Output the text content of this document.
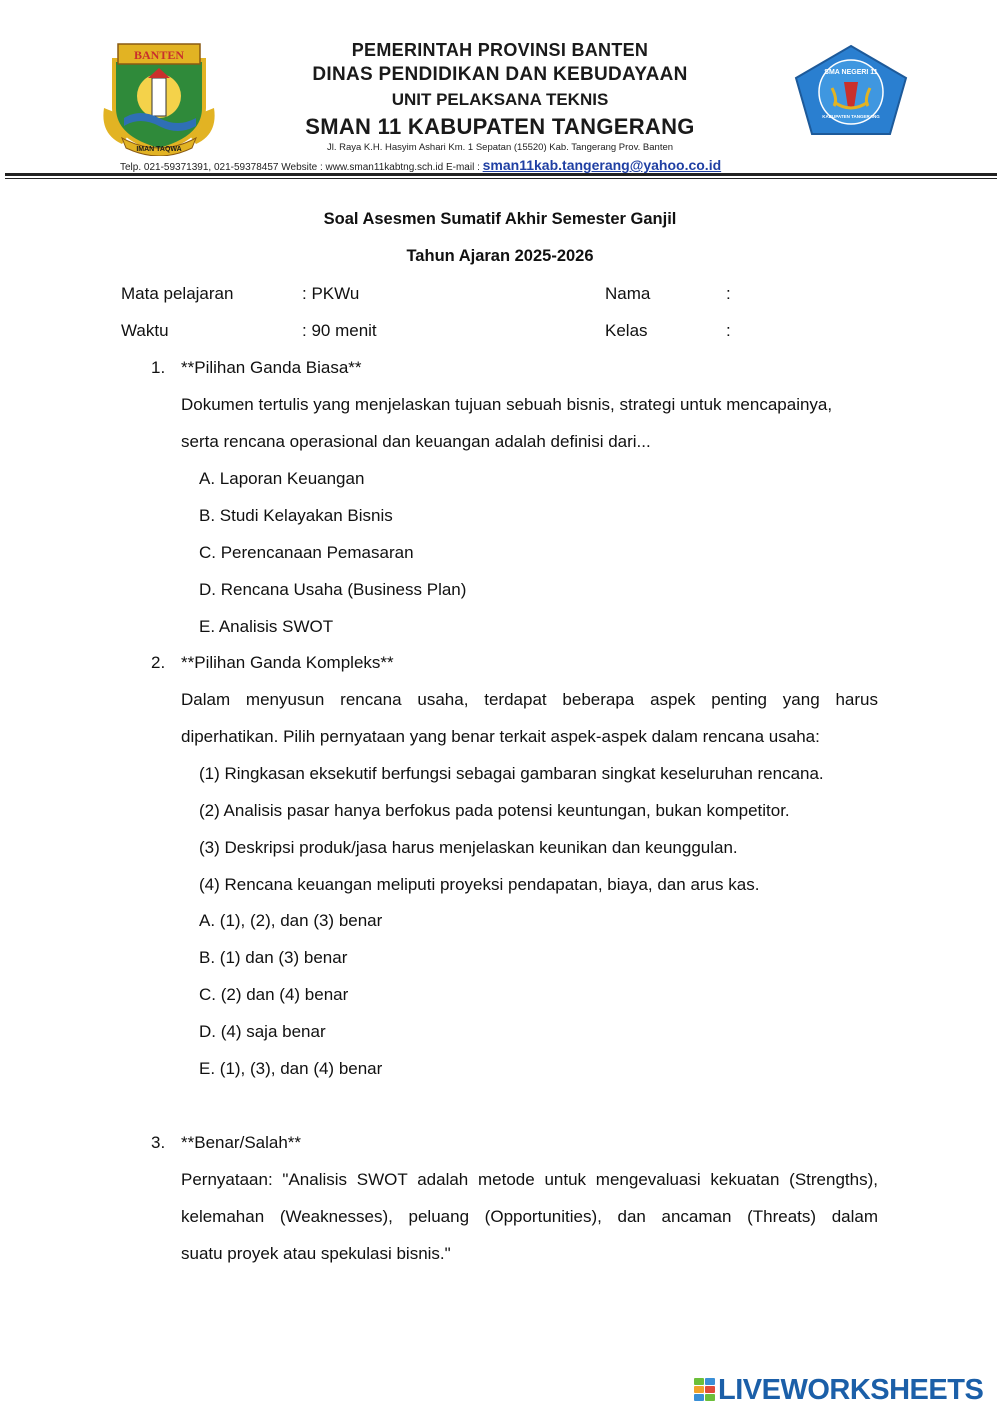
BANTEN
IMAN TAQWA
SMA NEGERI 11
KABUPATEN TANGERANG
PEMERINTAH PROVINSI BANTEN
DINAS PENDIDIKAN DAN KEBUDAYAAN
UNIT PELAKSANA TEKNIS
SMAN 11 KABUPATEN TANGERANG
Jl. Raya K.H. Hasyim Ashari Km. 1 Sepatan (15520) Kab. Tangerang Prov. Banten
Telp. 021-59371391, 021-59378457 Website : www.sman11kabtng.sch.id E-mail : sman11kab.tangerang@yahoo.co.id
Soal Asesmen Sumatif Akhir Semester Ganjil
Tahun Ajaran 2025-2026
Mata pelajaran	: PKWu	Nama	:
Waktu	: 90 menit	Kelas	:
1. **Pilihan Ganda Biasa**
Dokumen tertulis yang menjelaskan tujuan sebuah bisnis, strategi untuk mencapainya,
serta rencana operasional dan keuangan adalah definisi dari...
A. Laporan Keuangan
B. Studi Kelayakan Bisnis
C. Perencanaan Pemasaran
D. Rencana Usaha (Business Plan)
E. Analisis SWOT
2. **Pilihan Ganda Kompleks**
Dalam menyusun rencana usaha, terdapat beberapa aspek penting yang harus
diperhatikan. Pilih pernyataan yang benar terkait aspek-aspek dalam rencana usaha:
(1) Ringkasan eksekutif berfungsi sebagai gambaran singkat keseluruhan rencana.
(2) Analisis pasar hanya berfokus pada potensi keuntungan, bukan kompetitor.
(3) Deskripsi produk/jasa harus menjelaskan keunikan dan keunggulan.
(4) Rencana keuangan meliputi proyeksi pendapatan, biaya, dan arus kas.
A. (1), (2), dan (3) benar
B. (1) dan (3) benar
C. (2) dan (4) benar
D. (4) saja benar
E. (1), (3), dan (4) benar
3. **Benar/Salah**
Pernyataan: "Analisis SWOT adalah metode untuk mengevaluasi kekuatan (Strengths),
kelemahan (Weaknesses), peluang (Opportunities), dan ancaman (Threats) dalam
suatu proyek atau spekulasi bisnis."
LIVEWORKSHEETS
